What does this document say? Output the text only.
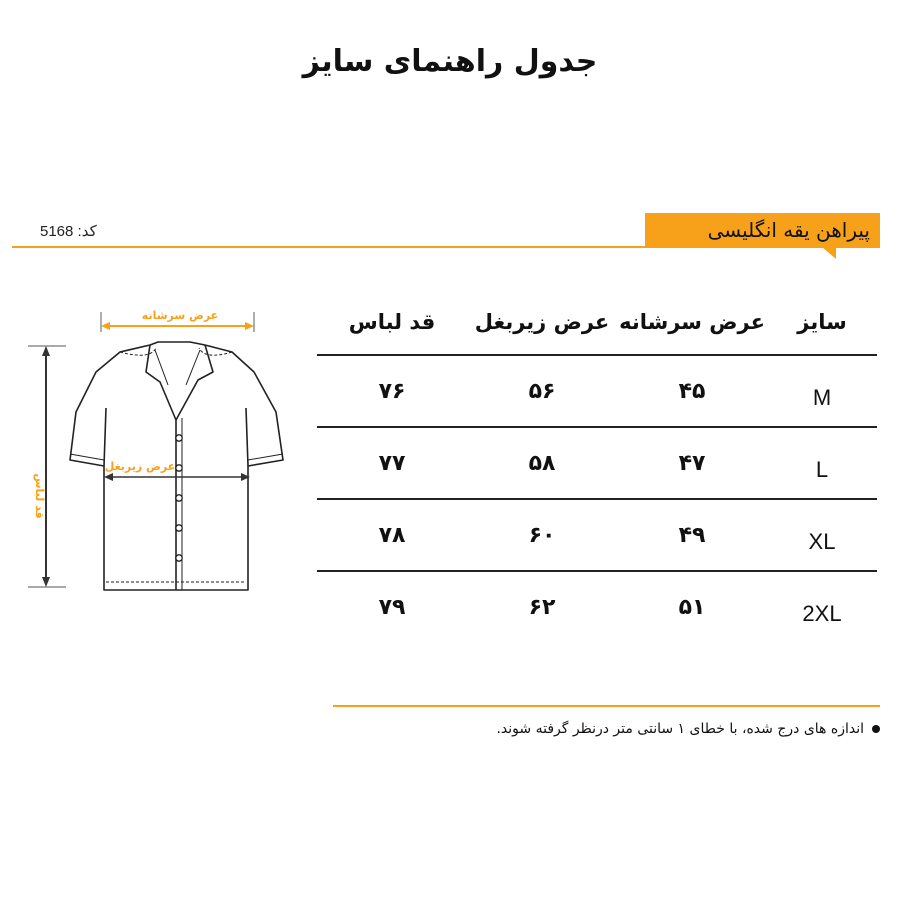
جدول راهنمای سایز
کد: 5168	پیراهن یقه انگلیسی
عرض سرشانه
قد لباس
عرض زیربغل
سایز
عرض سرشانه
عرض زیربغل
قد لباس
M
۴۵
۵۶
۷۶
L
۴۷
۵۸
۷۷
XL
۴۹
۶۰
۷۸
2XL
۵۱
۶۲
۷۹
اندازه های درج شده، با خطای ۱ سانتی متر درنظر گرفته شوند.
